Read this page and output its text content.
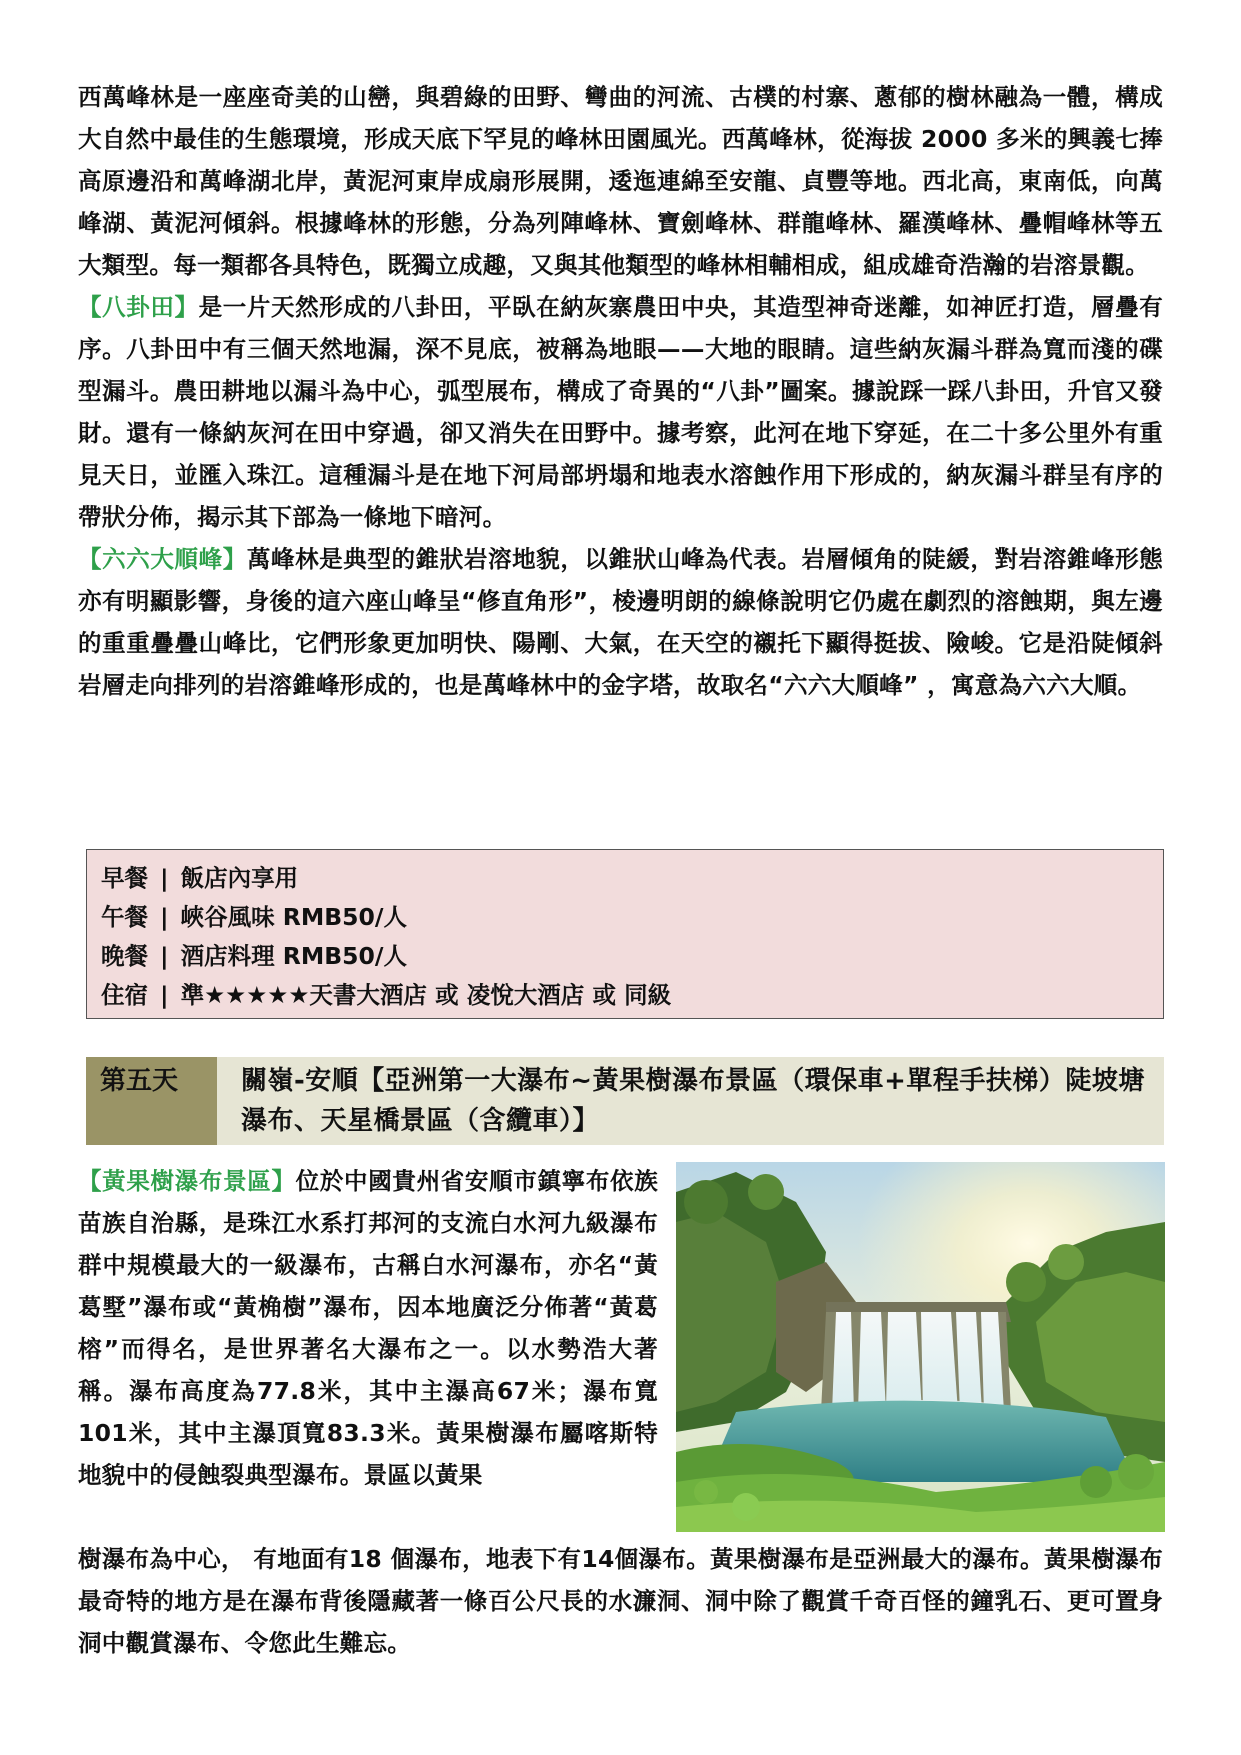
西萬峰林是一座座奇美的山巒，與碧綠的田野、彎曲的河流、古樸的村寨、蔥郁的樹林融為一體，構成大自然中最佳的生態環境，形成天底下罕見的峰林田園風光。西萬峰林，從海拔 2000 多米的興義七捧高原邊沿和萬峰湖北岸，黃泥河東岸成扇形展開，逶迤連綿至安龍、貞豐等地。西北高，東南低，向萬峰湖、黃泥河傾斜。根據峰林的形態，分為列陣峰林、寶劍峰林、群龍峰林、羅漢峰林、疊帽峰林等五大類型。每一類都各具特色，既獨立成趣，又與其他類型的峰林相輔相成，組成雄奇浩瀚的岩溶景觀。

【八卦田】是一片天然形成的八卦田，平臥在納灰寨農田中央，其造型神奇迷離，如神匠打造，層疊有序。八卦田中有三個天然地漏，深不見底，被稱為地眼——大地的眼睛。這些納灰漏斗群為寬而淺的碟型漏斗。農田耕地以漏斗為中心，弧型展布，構成了奇異的“八卦”圖案。據說踩一踩八卦田，升官又發財。還有一條納灰河在田中穿過，卻又消失在田野中。據考察，此河在地下穿延，在二十多公里外有重見天日，並匯入珠江。這種漏斗是在地下河局部坍塌和地表水溶蝕作用下形成的，納灰漏斗群呈有序的帶狀分佈，揭示其下部為一條地下暗河。

【六六大順峰】萬峰林是典型的錐狀岩溶地貌，以錐狀山峰為代表。岩層傾角的陡緩，對岩溶錐峰形態亦有明顯影響，身後的這六座山峰呈“修直角形”，棱邊明朗的線條說明它仍處在劇烈的溶蝕期，與左邊的重重疊疊山峰比，它們形象更加明快、陽剛、大氣，在天空的襯托下顯得挺拔、險峻。它是沿陡傾斜岩層走向排列的岩溶錐峰形成的，也是萬峰林中的金字塔，故取名“六六大順峰” ，寓意為六六大順。

早餐 | 飯店內享用
午餐 | 峽谷風味 RMB50/人
晚餐 | 酒店料理 RMB50/人
住宿 | 準★★★★★天書大酒店 或 凌悅大酒店 或 同級
第五天	關嶺-安順【亞洲第一大瀑布~黃果樹瀑布景區（環保車+單程手扶梯）陡坡塘瀑布、天星橋景區（含纜車）】

【黃果樹瀑布景區】位於中國貴州省安順市鎮寧布依族苗族自治縣，是珠江水系打邦河的支流白水河九級瀑布群中規模最大的一級瀑布，古稱白水河瀑布，亦名“黃葛墅”瀑布或“黃桷樹”瀑布，因本地廣泛分佈著“黃葛榕”而得名，是世界著名大瀑布之一。以水勢浩大著稱。瀑布高度為77.8米，其中主瀑高67米；瀑布寬101米，其中主瀑頂寬83.3米。黃果樹瀑布屬喀斯特地貌中的侵蝕裂典型瀑布。景區以黃果

樹瀑布為中心， 有地面有18 個瀑布，地表下有14個瀑布。黃果樹瀑布是亞洲最大的瀑布。黃果樹瀑布最奇特的地方是在瀑布背後隱藏著一條百公尺長的水濂洞、洞中除了觀賞千奇百怪的鐘乳石、更可置身洞中觀賞瀑布、令您此生難忘。
